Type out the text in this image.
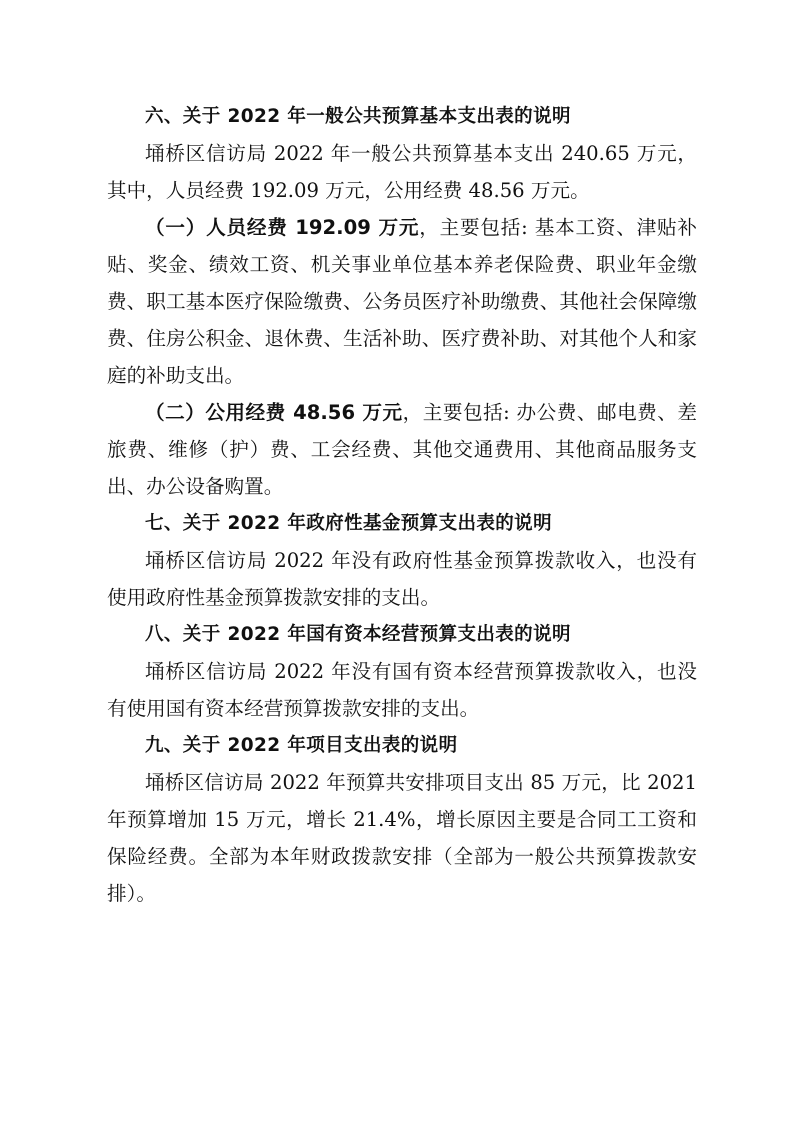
六、关于 2022 年一般公共预算基本支出表的说明

埇桥区信访局 2022 年一般公共预算基本支出 240.65 万元，其中，人员经费 192.09 万元，公用经费 48.56 万元。

（一）人员经费 192.09 万元，主要包括: 基本工资、津贴补贴、奖金、绩效工资、机关事业单位基本养老保险费、职业年金缴费、职工基本医疗保险缴费、公务员医疗补助缴费、其他社会保障缴费、住房公积金、退休费、生活补助、医疗费补助、对其他个人和家庭的补助支出。

（二）公用经费 48.56 万元，主要包括: 办公费、邮电费、差旅费、维修（护）费、工会经费、其他交通费用、其他商品服务支出、办公设备购置。

七、关于 2022 年政府性基金预算支出表的说明

埇桥区信访局 2022 年没有政府性基金预算拨款收入，也没有使用政府性基金预算拨款安排的支出。

八、关于 2022 年国有资本经营预算支出表的说明

埇桥区信访局 2022 年没有国有资本经营预算拨款收入，也没有使用国有资本经营预算拨款安排的支出。

九、关于 2022 年项目支出表的说明

埇桥区信访局 2022 年预算共安排项目支出 85 万元，比 2021 年预算增加 15 万元，增长 21.4%，增长原因主要是合同工工资和保险经费。全部为本年财政拨款安排（全部为一般公共预算拨款安排）。
